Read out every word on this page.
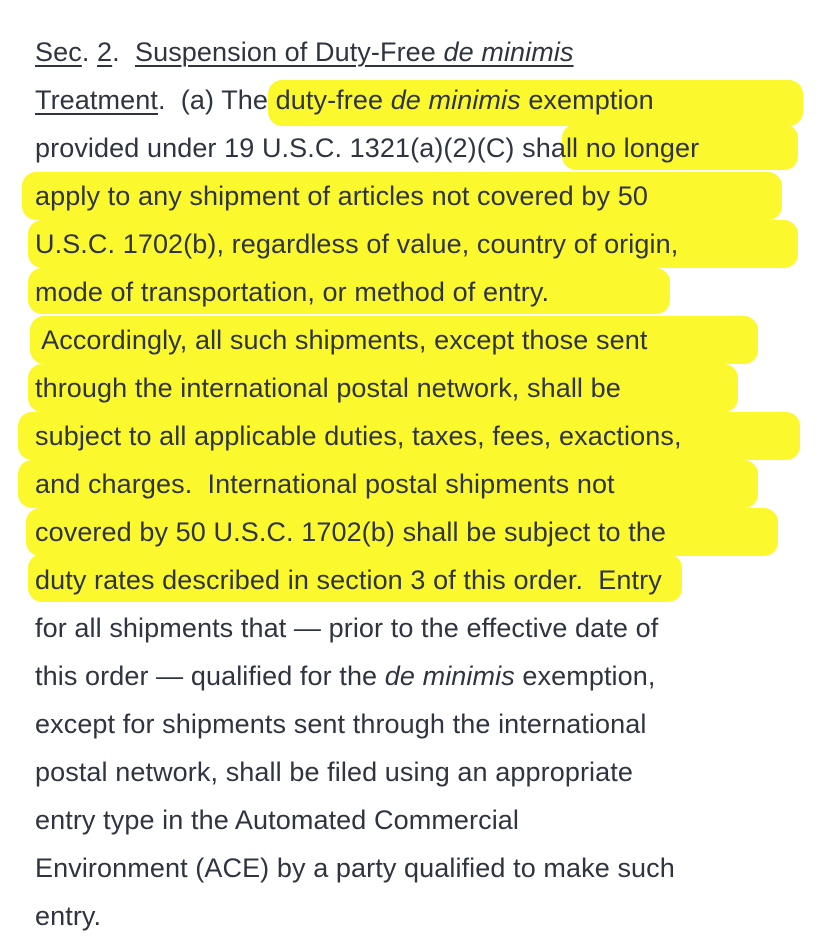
Sec. 2.  Suspension of Duty-Free de minimis
Treatment.  (a) The duty-free de minimis exemption
provided under 19 U.S.C. 1321(a)(2)(C) shall no longer
apply to any shipment of articles not covered by 50
U.S.C. 1702(b), regardless of value, country of origin,
mode of transportation, or method of entry.
Accordingly, all such shipments, except those sent
through the international postal network, shall be
subject to all applicable duties, taxes, fees, exactions,
and charges.  International postal shipments not
covered by 50 U.S.C. 1702(b) shall be subject to the
duty rates described in section 3 of this order.  Entry
for all shipments that — prior to the effective date of
this order — qualified for the de minimis exemption,
except for shipments sent through the international
postal network, shall be filed using an appropriate
entry type in the Automated Commercial
Environment (ACE) by a party qualified to make such
entry.
